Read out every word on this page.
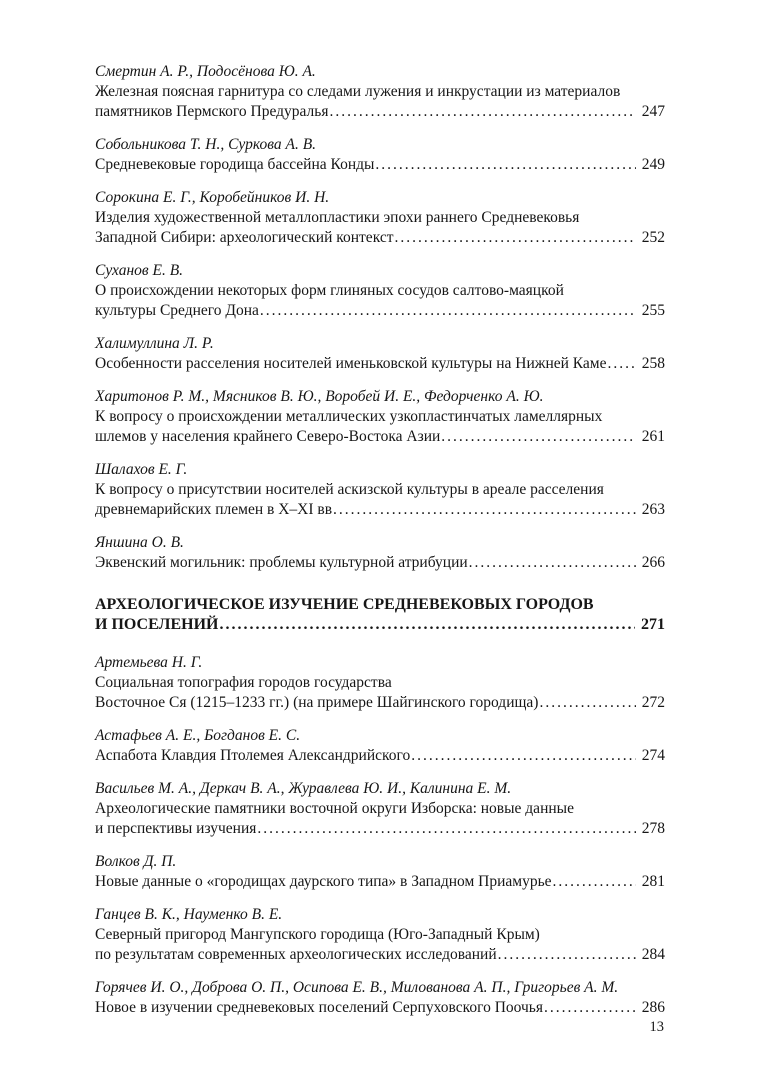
Смертин А. Р., Подосёнова Ю. А.
Железная поясная гарнитура со следами лужения и инкрустации из материалов
памятников Пермского Предуралья .....	247
Собольникова Т. Н., Суркова А. В.
Средневековые городища бассейна Конды .....	249
Сорокина Е. Г., Коробейников И. Н.
Изделия художественной металлопластики эпохи раннего Средневековья
Западной Сибири: археологический контекст .....	252
Суханов Е. В.
О происхождении некоторых форм глиняных сосудов салтово-маяцкой
культуры Среднего Дона .....	255
Халимуллина Л. Р.
Особенности расселения носителей именьковской культуры на Нижней Каме ..... 258
Харитонов Р. М., Мясников В. Ю., Воробей И. Е., Федорченко А. Ю.
К вопросу о происхождении металлических узкопластинчатых ламеллярных
шлемов у населения крайнего Северо-Востока Азии .....	261
Шалахов Е. Г.
К вопросу о присутствии носителей аскизской культуры в ареале расселения
древнемарийских племен в X–XI вв .....	263
Яншина О. В.
Эквенский могильник: проблемы культурной атрибуции .....	266
АРХЕОЛОГИЧЕСКОЕ ИЗУЧЕНИЕ СРЕДНЕВЕКОВЫХ ГОРОДОВ
И ПОСЕЛЕНИЙ .....	271
Артемьева Н. Г.
Социальная топография городов государства
Восточное Ся (1215–1233 гг.) (на примере Шайгинского городища) .....	272
Астафьев А. Е., Богданов Е. С.
Аспабота Клавдия Птолемея Александрийского .....	274
Васильев М. А., Деркач В. А., Журавлева Ю. И., Калинина Е. М.
Археологические памятники восточной округи Изборска: новые данные
и перспективы изучения .....	278
Волков Д. П.
Новые данные о «городищах даурского типа» в Западном Приамурье .....	281
Ганцев В. К., Науменко В. Е.
Северный пригород Мангупского городища (Юго-Западный Крым)
по результатам современных археологических исследований .....	284
Горячев И. О., Доброва О. П., Осипова Е. В., Милованова А. П., Григорьев А. М.
Новое в изучении средневековых поселений Серпуховского Поочья .....	286
13
